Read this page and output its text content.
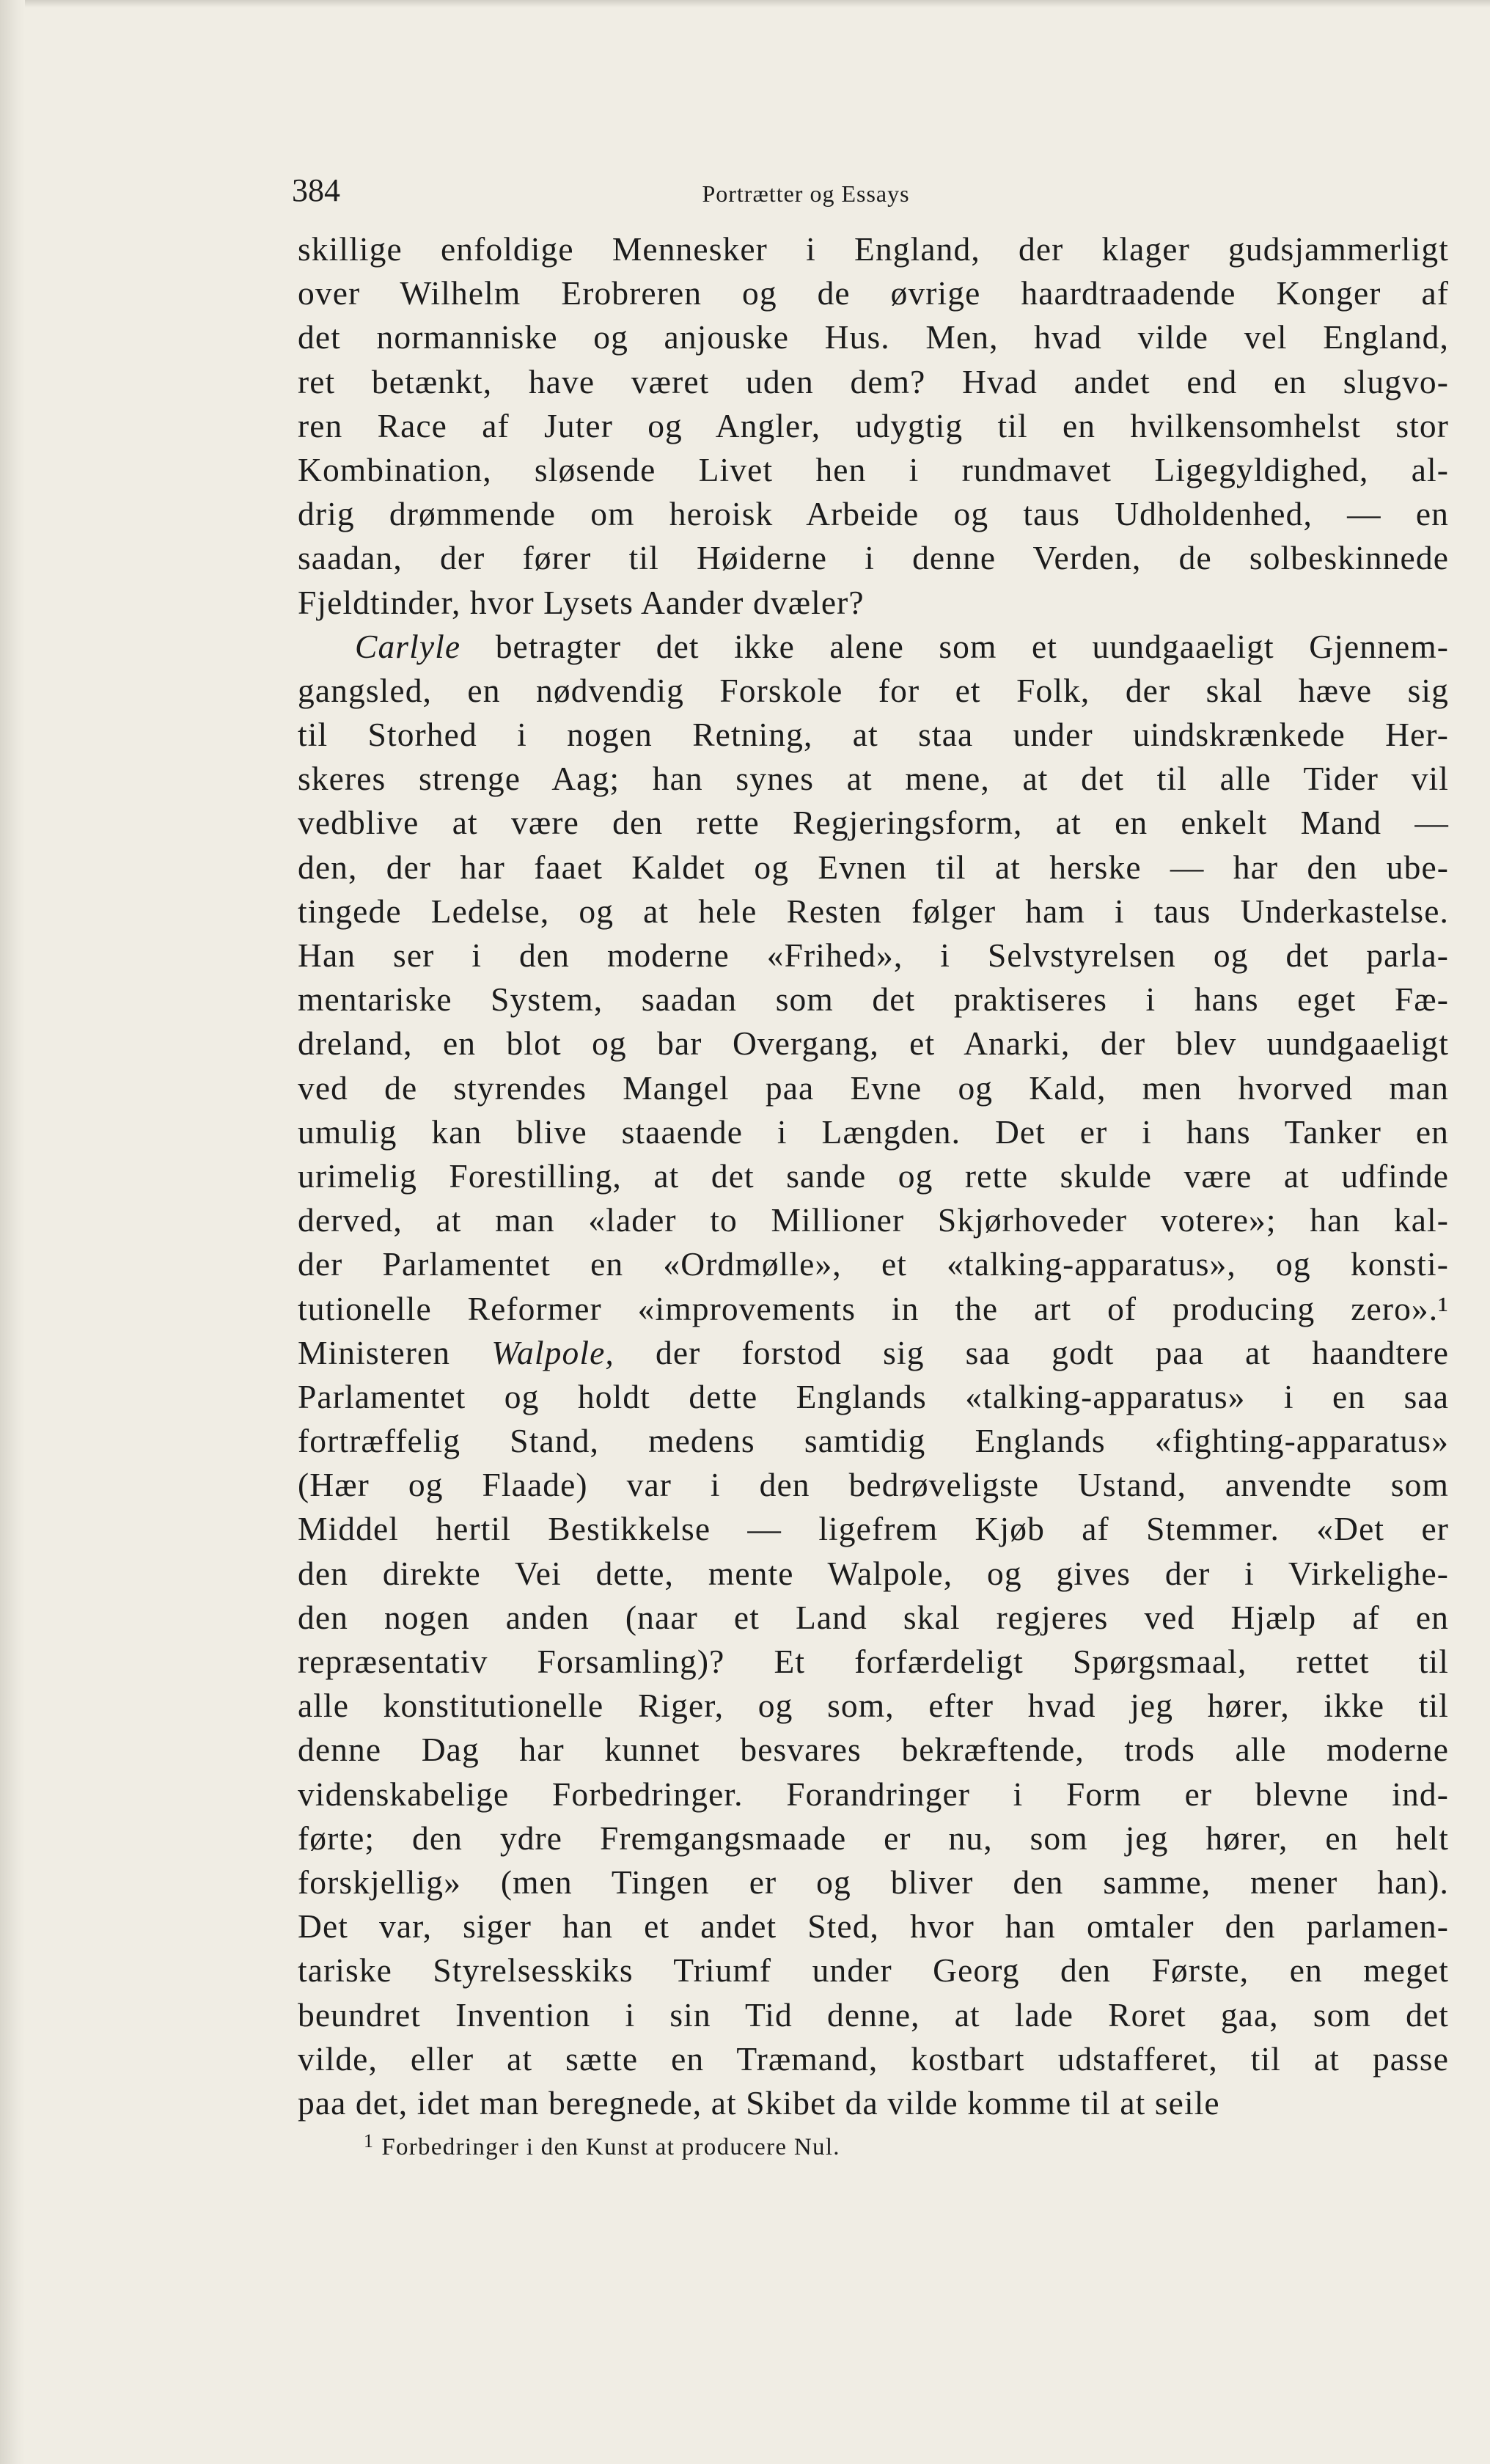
384	Portrætter og Essays
skillige enfoldige Mennesker i England, der klager gudsjammerligt
over Wilhelm Erobreren og de øvrige haardtraadende Konger af
det normanniske og anjouske Hus. Men, hvad vilde vel England,
ret betænkt, have været uden dem? Hvad andet end en slugvo-
ren Race af Juter og Angler, udygtig til en hvilkensomhelst stor
Kombination, sløsende Livet hen i rundmavet Ligegyldighed, al-
drig drømmende om heroisk Arbeide og taus Udholdenhed, — en
saadan, der fører til Høiderne i denne Verden, de solbeskinnede
Fjeldtinder, hvor Lysets Aander dvæler?
Carlyle betragter det ikke alene som et uundgaaeligt Gjennem-
gangsled, en nødvendig Forskole for et Folk, der skal hæve sig
til Storhed i nogen Retning, at staa under uindskrænkede Her-
skeres strenge Aag; han synes at mene, at det til alle Tider vil
vedblive at være den rette Regjeringsform, at en enkelt Mand —
den, der har faaet Kaldet og Evnen til at herske — har den ube-
tingede Ledelse, og at hele Resten følger ham i taus Underkastelse.
Han ser i den moderne «Frihed», i Selvstyrelsen og det parla-
mentariske System, saadan som det praktiseres i hans eget Fæ-
dreland, en blot og bar Overgang, et Anarki, der blev uundgaaeligt
ved de styrendes Mangel paa Evne og Kald, men hvorved man
umulig kan blive staaende i Længden. Det er i hans Tanker en
urimelig Forestilling, at det sande og rette skulde være at udfinde
derved, at man «lader to Millioner Skjørhoveder votere»; han kal-
der Parlamentet en «Ordmølle», et «talking-apparatus», og konsti-
tutionelle Reformer «improvements in the art of producing zero».¹
Ministeren Walpole, der forstod sig saa godt paa at haandtere
Parlamentet og holdt dette Englands «talking-apparatus» i en saa
fortræffelig Stand, medens samtidig Englands «fighting-apparatus»
(Hær og Flaade) var i den bedrøveligste Ustand, anvendte som
Middel hertil Bestikkelse — ligefrem Kjøb af Stemmer. «Det er
den direkte Vei dette, mente Walpole, og gives der i Virkelighe-
den nogen anden (naar et Land skal regjeres ved Hjælp af en
repræsentativ Forsamling)? Et forfærdeligt Spørgsmaal, rettet til
alle konstitutionelle Riger, og som, efter hvad jeg hører, ikke til
denne Dag har kunnet besvares bekræftende, trods alle moderne
videnskabelige Forbedringer. Forandringer i Form er blevne ind-
førte; den ydre Fremgangsmaade er nu, som jeg hører, en helt
forskjellig» (men Tingen er og bliver den samme, mener han).
Det var, siger han et andet Sted, hvor han omtaler den parlamen-
tariske Styrelsesskiks Triumf under Georg den Første, en meget
beundret Invention i sin Tid denne, at lade Roret gaa, som det
vilde, eller at sætte en Træmand, kostbart udstafferet, til at passe
paa det, idet man beregnede, at Skibet da vilde komme til at seile
$^1$ Forbedringer i den Kunst at producere Nul.
